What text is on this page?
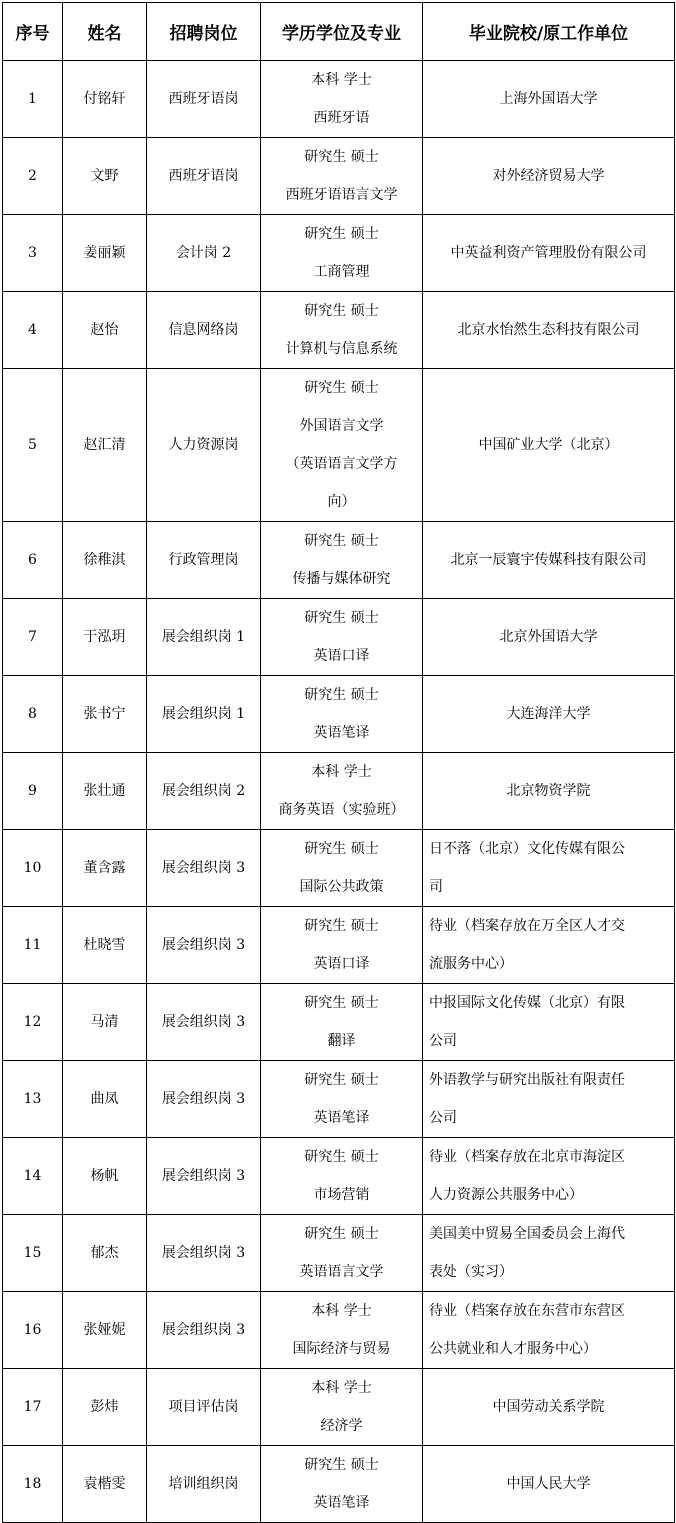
序号	姓名	招聘岗位	学历学位及专业	毕业院校/原工作单位
1	付铭轩	西班牙语岗	本科 学士
西班牙语	上海外国语大学

2	文野	西班牙语岗	研究生 硕士
西班牙语语言文学	对外经济贸易大学

3	姜丽颖	会计岗 2	研究生 硕士
工商管理	中英益利资产管理股份有限公司

4	赵怡	信息网络岗	研究生 硕士
计算机与信息系统	北京水怡然生态科技有限公司

5	赵汇清	人力资源岗	研究生 硕士
外国语言文学
（英语语言文学方
向）	中国矿业大学（北京）

6	徐稚淇	行政管理岗	研究生 硕士
传播与媒体研究	北京一辰寰宇传媒科技有限公司

7	于泓玥	展会组织岗 1	研究生 硕士
英语口译	北京外国语大学

8	张书宁	展会组织岗 1	研究生 硕士
英语笔译	大连海洋大学

9	张壮通	展会组织岗 2	本科 学士
商务英语（实验班）	北京物资学院

10	董含露	展会组织岗 3	研究生 硕士
国际公共政策	日不落（北京）文化传媒有限公
司

11	杜晓雪	展会组织岗 3	研究生 硕士
英语口译	待业（档案存放在万全区人才交
流服务中心）

12	马清	展会组织岗 3	研究生 硕士
翻译	中报国际文化传媒（北京）有限
公司

13	曲凤	展会组织岗 3	研究生 硕士
英语笔译	外语教学与研究出版社有限责任
公司

14	杨帆	展会组织岗 3	研究生 硕士
市场营销	待业（档案存放在北京市海淀区
人力资源公共服务中心）

15	郁杰	展会组织岗 3	研究生 硕士
英语语言文学	美国美中贸易全国委员会上海代
表处（实习）

16	张娅妮	展会组织岗 3	本科 学士
国际经济与贸易	待业（档案存放在东营市东营区
公共就业和人才服务中心）

17	彭炜	项目评估岗	本科 学士
经济学	中国劳动关系学院

18	袁楷雯	培训组织岗	研究生 硕士
英语笔译	中国人民大学
